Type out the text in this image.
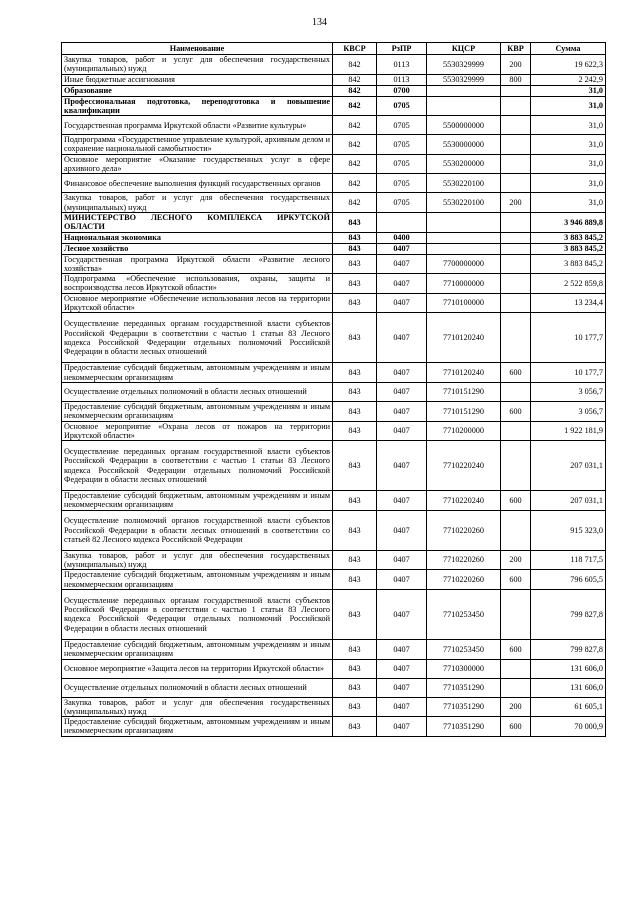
134
Наименование	КВСР	РзПР	КЦСР	КВР	Сумма
Закупка товаров, работ и услуг для обеспечения государственных (муниципальных) нужд	842	0113	5530329999	200	19 622,3
Иные бюджетные ассигнования	842	0113	5530329999	800	2 242,9
Образование	842	0700			31,0
Профессиональная подготовка, переподготовка и повышение квалификации	842	0705			31,0
Государственная программа Иркутской области «Развитие культуры»	842	0705	5500000000		31,0
Подпрограмма «Государственное управление культурой, архивным делом и сохранение национальной самобытности»	842	0705	5530000000		31,0
Основное мероприятие «Оказание государственных услуг в сфере архивного дела»	842	0705	5530200000		31,0
Финансовое обеспечение выполнения функций государственных органов	842	0705	5530220100		31,0
Закупка товаров, работ и услуг для обеспечения государственных (муниципальных) нужд	842	0705	5530220100	200	31,0
МИНИСТЕРСТВО ЛЕСНОГО КОМПЛЕКСА ИРКУТСКОЙ ОБЛАСТИ	843				3 946 889,8
Национальная экономика	843	0400			3 883 845,2
Лесное хозяйство	843	0407			3 883 845,2
Государственная программа Иркутской области «Развитие лесного хозяйства»	843	0407	7700000000		3 883 845,2
Подпрограмма «Обеспечение использования, охраны, защиты и воспроизводства лесов Иркутской области»	843	0407	7710000000		2 522 859,8
Основное мероприятие «Обеспечение использования лесов на территории Иркутской области»	843	0407	7710100000		13 234,4
Осуществление переданных органам государственной власти субъектов Российской Федерации в соответствии с частью 1 статьи 83 Лесного кодекса Российской Федерации отдельных полномочий Российской Федерации в области лесных отношений	843	0407	7710120240		10 177,7
Предоставление субсидий бюджетным, автономным учреждениям и иным некоммерческим организациям	843	0407	7710120240	600	10 177,7
Осуществление отдельных полномочий в области лесных отношений	843	0407	7710151290		3 056,7
Предоставление субсидий бюджетным, автономным учреждениям и иным некоммерческим организациям	843	0407	7710151290	600	3 056,7
Основное мероприятие «Охрана лесов от пожаров на территории Иркутской области»	843	0407	7710200000		1 922 181,9
Осуществление переданных органам государственной власти субъектов Российской Федерации в соответствии с частью 1 статьи 83 Лесного кодекса Российской Федерации отдельных полномочий Российской Федерации в области лесных отношений	843	0407	7710220240		207 031,1
Предоставление субсидий бюджетным, автономным учреждениям и иным некоммерческим организациям	843	0407	7710220240	600	207 031,1
Осуществление полномочий органов государственной власти субъектов Российской Федерации в области лесных отношений в соответствии со статьей 82 Лесного кодекса Российской Федерации	843	0407	7710220260		915 323,0
Закупка товаров, работ и услуг для обеспечения государственных (муниципальных) нужд	843	0407	7710220260	200	118 717,5
Предоставление субсидий бюджетным, автономным учреждениям и иным некоммерческим организациям	843	0407	7710220260	600	796 605,5
Осуществление переданных органам государственной власти субъектов Российской Федерации в соответствии с частью 1 статьи 83 Лесного кодекса Российской Федерации отдельных полномочий Российской Федерации в области лесных отношений	843	0407	7710253450		799 827,8
Предоставление субсидий бюджетным, автономным учреждениям и иным некоммерческим организациям	843	0407	7710253450	600	799 827,8
Основное мероприятие «Защита лесов на территории Иркутской области»	843	0407	7710300000		131 606,0
Осуществление отдельных полномочий в области лесных отношений	843	0407	7710351290		131 606,0
Закупка товаров, работ и услуг для обеспечения государственных (муниципальных) нужд	843	0407	7710351290	200	61 605,1
Предоставление субсидий бюджетным, автономным учреждениям и иным некоммерческим организациям	843	0407	7710351290	600	70 000,9
